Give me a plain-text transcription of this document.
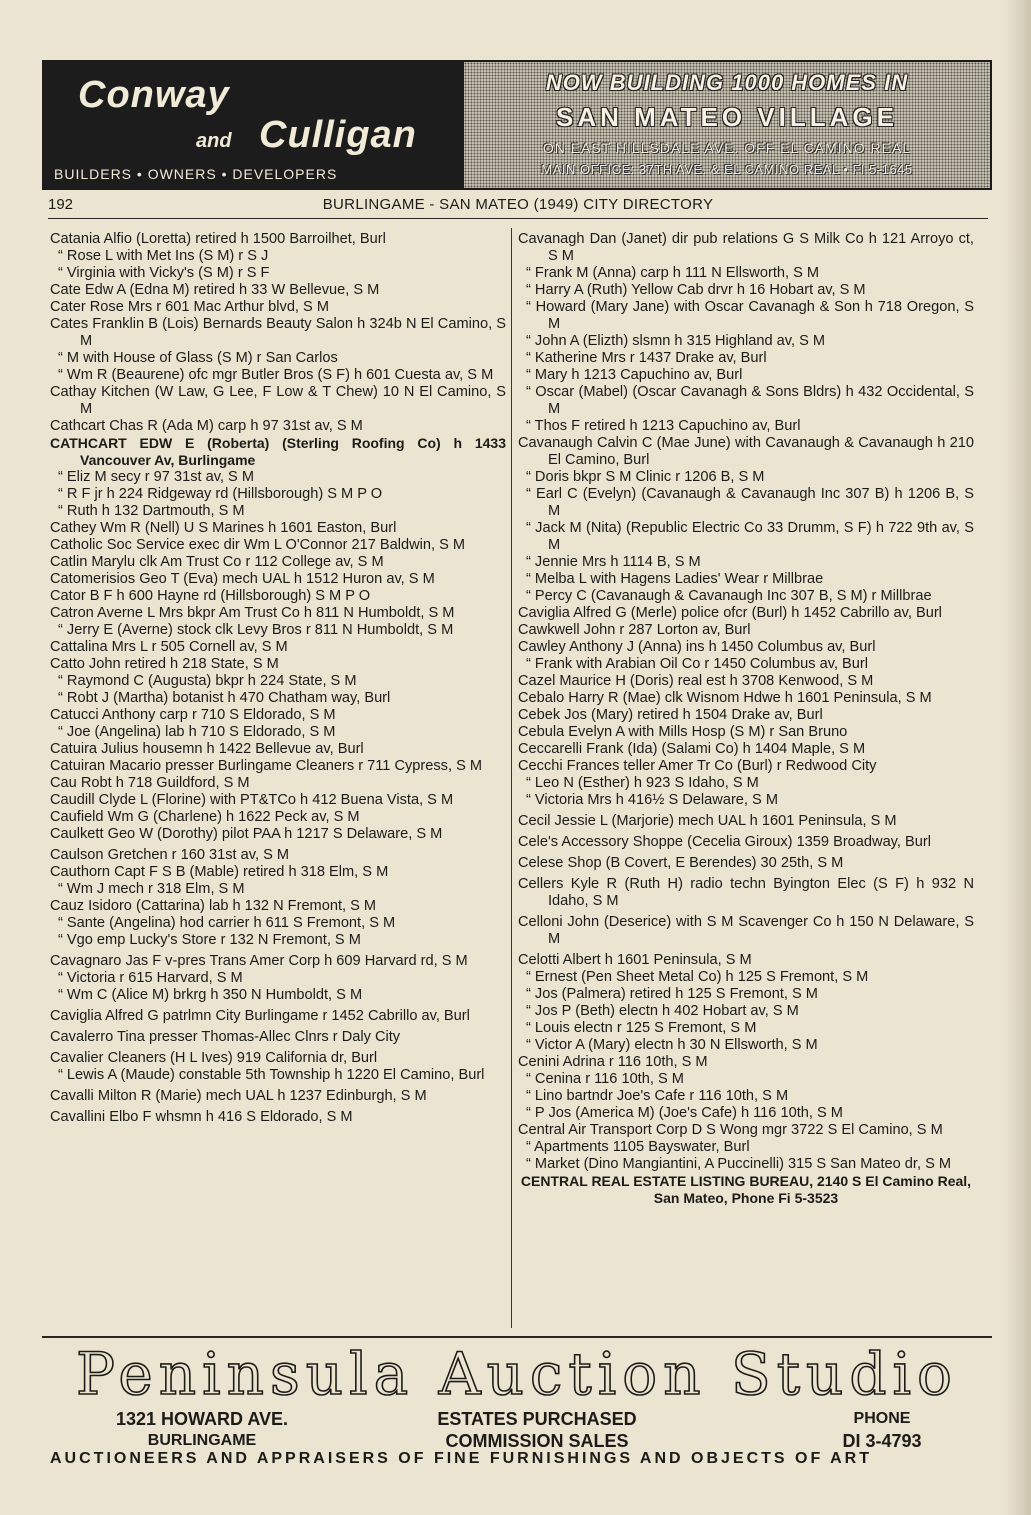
Conway
and Culligan
BUILDERS • OWNERS • DEVELOPERS
NOW BUILDING 1000 HOMES IN
SAN MATEO VILLAGE
ON EAST HILLSDALE AVE. OFF EL CAMINO REAL
MAIN OFFICE: 37TH AVE. & EL CAMINO REAL • FI 5-1645
192	BURLINGAME - SAN MATEO (1949) CITY DIRECTORY

Catania Alfio (Loretta) retired h 1500 Barroilhet, Burl

“ Rose L with Met Ins (S M) r S J

“ Virginia with Vicky's (S M) r S F

Cate Edw A (Edna M) retired h 33 W Bellevue, S M

Cater Rose Mrs r 601 Mac Arthur blvd, S M

Cates Franklin B (Lois) Bernards Beauty Salon h 324b N El Camino, S M

“ M with House of Glass (S M) r San Carlos

“ Wm R (Beaurene) ofc mgr Butler Bros (S F) h 601 Cuesta av, S M

Cathay Kitchen (W Law, G Lee, F Low & T Chew) 10 N El Camino, S M

Cathcart Chas R (Ada M) carp h 97 31st av, S M

CATHCART EDW E (Roberta) (Sterling Roofing Co) h 1433 Vancouver Av, Burlingame

“ Eliz M secy r 97 31st av, S M

“ R F jr h 224 Ridgeway rd (Hillsborough) S M P O

“ Ruth h 132 Dartmouth, S M

Cathey Wm R (Nell) U S Marines h 1601 Easton, Burl

Catholic Soc Service exec dir Wm L O'Connor 217 Baldwin, S M

Catlin Marylu clk Am Trust Co r 112 College av, S M

Catomerisios Geo T (Eva) mech UAL h 1512 Huron av, S M

Cator B F h 600 Hayne rd (Hillsborough) S M P O

Catron Averne L Mrs bkpr Am Trust Co h 811 N Humboldt, S M

“ Jerry E (Averne) stock clk Levy Bros r 811 N Humboldt, S M

Cattalina Mrs L r 505 Cornell av, S M

Catto John retired h 218 State, S M

“ Raymond C (Augusta) bkpr h 224 State, S M

“ Robt J (Martha) botanist h 470 Chatham way, Burl

Catucci Anthony carp r 710 S Eldorado, S M

“ Joe (Angelina) lab h 710 S Eldorado, S M

Catuira Julius housemn h 1422 Bellevue av, Burl

Catuiran Macario presser Burlingame Cleaners r 711 Cypress, S M

Cau Robt h 718 Guildford, S M

Caudill Clyde L (Florine) with PT&TCo h 412 Buena Vista, S M

Caufield Wm G (Charlene) h 1622 Peck av, S M

Caulkett Geo W (Dorothy) pilot PAA h 1217 S Delaware, S M

Caulson Gretchen r 160 31st av, S M

Cauthorn Capt F S B (Mable) retired h 318 Elm, S M

“ Wm J mech r 318 Elm, S M

Cauz Isidoro (Cattarina) lab h 132 N Fremont, S M

“ Sante (Angelina) hod carrier h 611 S Fremont, S M

“ Vgo emp Lucky's Store r 132 N Fremont, S M

Cavagnaro Jas F v-pres Trans Amer Corp h 609 Harvard rd, S M

“ Victoria r 615 Harvard, S M

“ Wm C (Alice M) brkrg h 350 N Humboldt, S M

Caviglia Alfred G patrlmn City Burlingame r 1452 Cabrillo av, Burl

Cavalerro Tina presser Thomas-Allec Clnrs r Daly City

Cavalier Cleaners (H L Ives) 919 California dr, Burl

“ Lewis A (Maude) constable 5th Township h 1220 El Camino, Burl

Cavalli Milton R (Marie) mech UAL h 1237 Edinburgh, S M

Cavallini Elbo F whsmn h 416 S Eldorado, S M

Cavanagh Dan (Janet) dir pub relations G S Milk Co h 121 Arroyo ct, S M

“ Frank M (Anna) carp h 111 N Ellsworth, S M

“ Harry A (Ruth) Yellow Cab drvr h 16 Hobart av, S M

“ Howard (Mary Jane) with Oscar Cavanagh & Son h 718 Oregon, S M

“ John A (Elizth) slsmn h 315 Highland av, S M

“ Katherine Mrs r 1437 Drake av, Burl

“ Mary h 1213 Capuchino av, Burl

“ Oscar (Mabel) (Oscar Cavanagh & Sons Bldrs) h 432 Occidental, S M

“ Thos F retired h 1213 Capuchino av, Burl

Cavanaugh Calvin C (Mae June) with Cavanaugh & Cavanaugh h 210 El Camino, Burl

“ Doris bkpr S M Clinic r 1206 B, S M

“ Earl C (Evelyn) (Cavanaugh & Cavanaugh Inc 307 B) h 1206 B, S M

“ Jack M (Nita) (Republic Electric Co 33 Drumm, S F) h 722 9th av, S M

“ Jennie Mrs h 1114 B, S M

“ Melba L with Hagens Ladies' Wear r Millbrae

“ Percy C (Cavanaugh & Cavanaugh Inc 307 B, S M) r Millbrae

Caviglia Alfred G (Merle) police ofcr (Burl) h 1452 Cabrillo av, Burl

Cawkwell John r 287 Lorton av, Burl

Cawley Anthony J (Anna) ins h 1450 Columbus av, Burl

“ Frank with Arabian Oil Co r 1450 Columbus av, Burl

Cazel Maurice H (Doris) real est h 3708 Kenwood, S M

Cebalo Harry R (Mae) clk Wisnom Hdwe h 1601 Peninsula, S M

Cebek Jos (Mary) retired h 1504 Drake av, Burl

Cebula Evelyn A with Mills Hosp (S M) r San Bruno

Ceccarelli Frank (Ida) (Salami Co) h 1404 Maple, S M

Cecchi Frances teller Amer Tr Co (Burl) r Redwood City

“ Leo N (Esther) h 923 S Idaho, S M

“ Victoria Mrs h 416½ S Delaware, S M

Cecil Jessie L (Marjorie) mech UAL h 1601 Peninsula, S M

Cele's Accessory Shoppe (Cecelia Giroux) 1359 Broadway, Burl

Celese Shop (B Covert, E Berendes) 30 25th, S M

Cellers Kyle R (Ruth H) radio techn Byington Elec (S F) h 932 N Idaho, S M

Celloni John (Deserice) with S M Scavenger Co h 150 N Delaware, S M

Celotti Albert h 1601 Peninsula, S M

“ Ernest (Pen Sheet Metal Co) h 125 S Fremont, S M

“ Jos (Palmera) retired h 125 S Fremont, S M

“ Jos P (Beth) electn h 402 Hobart av, S M

“ Louis electn r 125 S Fremont, S M

“ Victor A (Mary) electn h 30 N Ellsworth, S M

Cenini Adrina r 116 10th, S M

“ Cenina r 116 10th, S M

“ Lino bartndr Joe's Cafe r 116 10th, S M

“ P Jos (America M) (Joe's Cafe) h 116 10th, S M

Central Air Transport Corp D S Wong mgr 3722 S El Camino, S M

“ Apartments 1105 Bayswater, Burl

“ Market (Dino Mangiantini, A Puccinelli) 315 S San Mateo dr, S M

CENTRAL REAL ESTATE LISTING BUREAU, 2140 S El Camino Real, San Mateo, Phone Fi 5-3523

Peninsula Auction Studio
1321 HOWARD AVE.
BURLINGAME
ESTATES PURCHASED
COMMISSION SALES
PHONE
DI 3-4793
AUCTIONEERS AND APPRAISERS OF FINE FURNISHINGS AND OBJECTS OF ART
